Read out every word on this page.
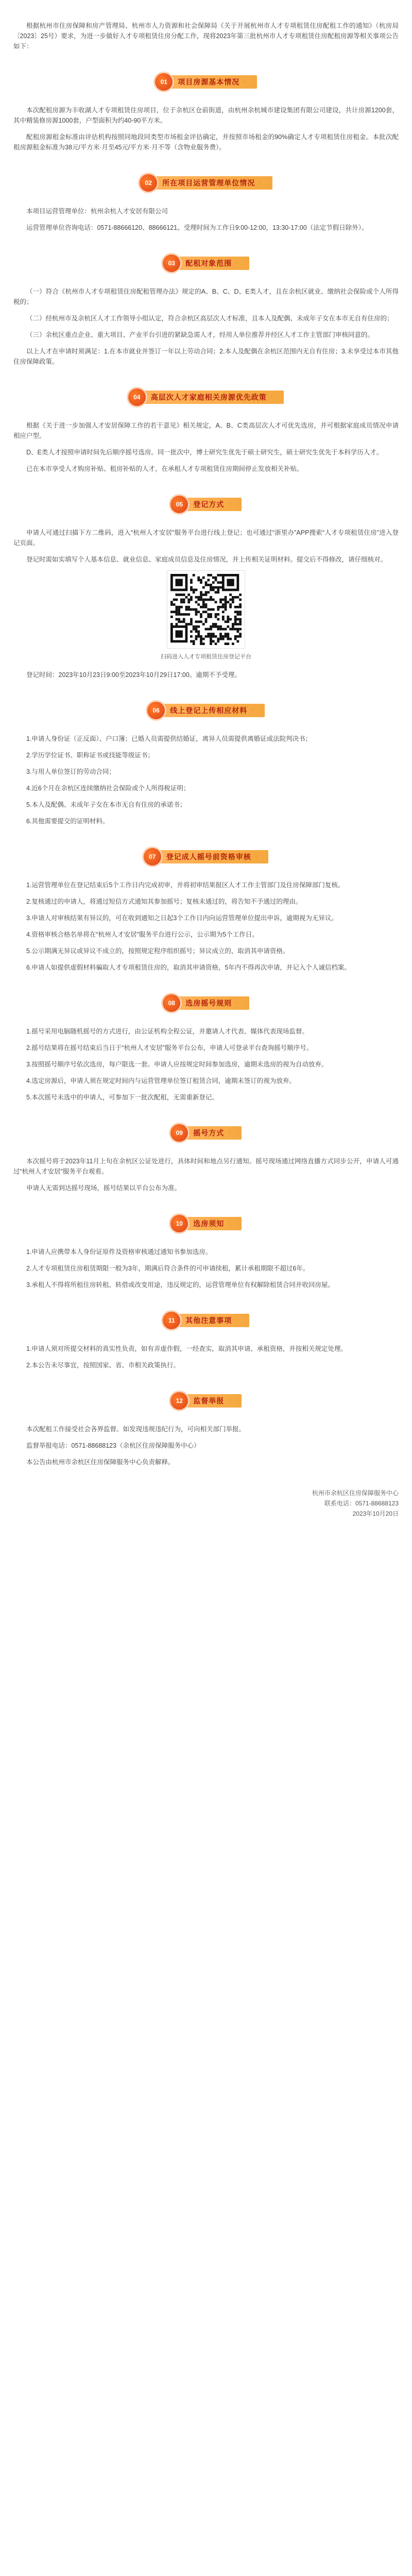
根据杭州市住房保障和房产管理局、杭州市人力资源和社会保障局《关于开展杭州市人才专项租赁住房配租工作的通知》（杭房局〔2023〕25号）要求，为进一步做好人才专项租赁住房分配工作，现将2023年第三批杭州市人才专项租赁住房配租房源等相关事项公告如下：

01	项目房源基本情况 ✦

本次配租房源为丰收湖人才专项租赁住房项目，位于余杭区仓前街道，由杭州余杭城市建设集团有限公司建设，共计房源1200套，其中精装修房源1000套，户型面积为约40-90平方米。

配租房源租金标准由评估机构按照同地段同类型市场租金评估确定，并按照市场租金的90%确定人才专项租赁住房租金。本批次配租房源租金标准为38元/平方米·月至45元/平方米·月不等（含物业服务费）。

02	所在项目运营管理单位情况 ✦

本项目运营管理单位：杭州余杭人才安居有限公司

运营管理单位咨询电话：0571-88666120、88666121。受理时间为工作日9:00-12:00，13:30-17:00（法定节假日除外）。

03	配租对象范围 ✦

（一）符合《杭州市人才专项租赁住房配租管理办法》规定的A、B、C、D、E类人才，且在余杭区就业、缴纳社会保险或个人所得税的；

（二）经杭州市及余杭区人才工作领导小组认定，符合余杭区高层次人才标准，且本人及配偶、未成年子女在本市无自有住房的；

（三）余杭区重点企业、重大项目、产业平台引进的紧缺急需人才，经用人单位推荐并经区人才工作主管部门审核同意的。

以上人才在申请时须满足：1.在本市就业并签订一年以上劳动合同；2.本人及配偶在余杭区范围内无自有住房；3.未享受过本市其他住房保障政策。

04	高层次人才家庭相关房源优先政策 ✦

根据《关于进一步加强人才安居保障工作的若干意见》相关规定，A、B、C类高层次人才可优先选房，并可根据家庭成员情况申请相应户型。

D、E类人才按照申请时间先后顺序摇号选房。同一批次中，博士研究生优先于硕士研究生，硕士研究生优先于本科学历人才。

已在本市享受人才购房补贴、租房补贴的人才，在承租人才专项租赁住房期间停止发放相关补贴。

05	登记方式 ✦

申请人可通过扫描下方二维码，进入“杭州人才安居”服务平台进行线上登记；也可通过“浙里办”APP搜索“人才专项租赁住房”进入登记页面。

登记时需如实填写个人基本信息、就业信息、家庭成员信息及住房情况，并上传相关证明材料。提交后不得修改，请仔细核对。

扫码进入人才专项租赁住房登记平台

登记时间：2023年10月23日9:00至2023年10月29日17:00。逾期不予受理。

06	线上登记上传相应材料 ✦

1.申请人身份证（正反面）、户口簿；已婚人员需提供结婚证，离异人员需提供离婚证或法院判决书；

2.学历学位证书、职称证书或技能等级证书；

3.与用人单位签订的劳动合同；

4.近6个月在余杭区连续缴纳社会保险或个人所得税证明；

5.本人及配偶、未成年子女在本市无自有住房的承诺书；

6.其他需要提交的证明材料。

07	登记成人摇号前资格审核 ✦

1.运营管理单位在登记结束后5个工作日内完成初审，并将初审结果报区人才工作主管部门及住房保障部门复核。

2.复核通过的申请人，将通过短信方式通知其参加摇号；复核未通过的，将告知不予通过的理由。

3.申请人对审核结果有异议的，可在收到通知之日起3个工作日内向运营管理单位提出申诉，逾期视为无异议。

4.资格审核合格名单将在“杭州人才安居”服务平台进行公示，公示期为5个工作日。

5.公示期满无异议或异议不成立的，按照规定程序组织摇号；异议成立的，取消其申请资格。

6.申请人如提供虚假材料骗取人才专项租赁住房的，取消其申请资格，5年内不得再次申请，并记入个人诚信档案。

08	选房摇号规则 ✦

1.摇号采用电脑随机摇号的方式进行，由公证机构全程公证，并邀请人才代表、媒体代表现场监督。

2.摇号结果将在摇号结束后当日于“杭州人才安居”服务平台公布，申请人可登录平台查询摇号顺序号。

3.按照摇号顺序号依次选房，每户限选一套。申请人应按规定时间参加选房，逾期未选房的视为自动放弃。

4.选定房源后，申请人须在规定时间内与运营管理单位签订租赁合同，逾期未签订的视为放弃。

5.本次摇号未选中的申请人，可参加下一批次配租，无需重新登记。

09	摇号方式 ✦

本次摇号将于2023年11月上旬在余杭区公证处进行，具体时间和地点另行通知。摇号现场通过网络直播方式同步公开，申请人可通过“杭州人才安居”服务平台观看。

申请人无需到达摇号现场，摇号结果以平台公布为准。

10	选房须知 ✦

1.申请人应携带本人身份证原件及资格审核通过通知书参加选房。

2.人才专项租赁住房租赁期限一般为3年，期满后符合条件的可申请续租，累计承租期限不超过6年。

3.承租人不得将所租住房转租、转借或改变用途，违反规定的，运营管理单位有权解除租赁合同并收回房屋。

11	其他注意事项 ✦

1.申请人须对所提交材料的真实性负责，如有弄虚作假，一经查实，取消其申请、承租资格，并按相关规定处理。

2.本公告未尽事宜，按照国家、省、市相关政策执行。

12	监督举报 ✦

本次配租工作接受社会各界监督。如发现违规违纪行为，可向相关部门举报。

监督举报电话：0571-88688123（余杭区住房保障服务中心）

本公告由杭州市余杭区住房保障服务中心负责解释。

杭州市余杭区住房保障服务中心
联系电话：0571-88688123
2023年10月20日
